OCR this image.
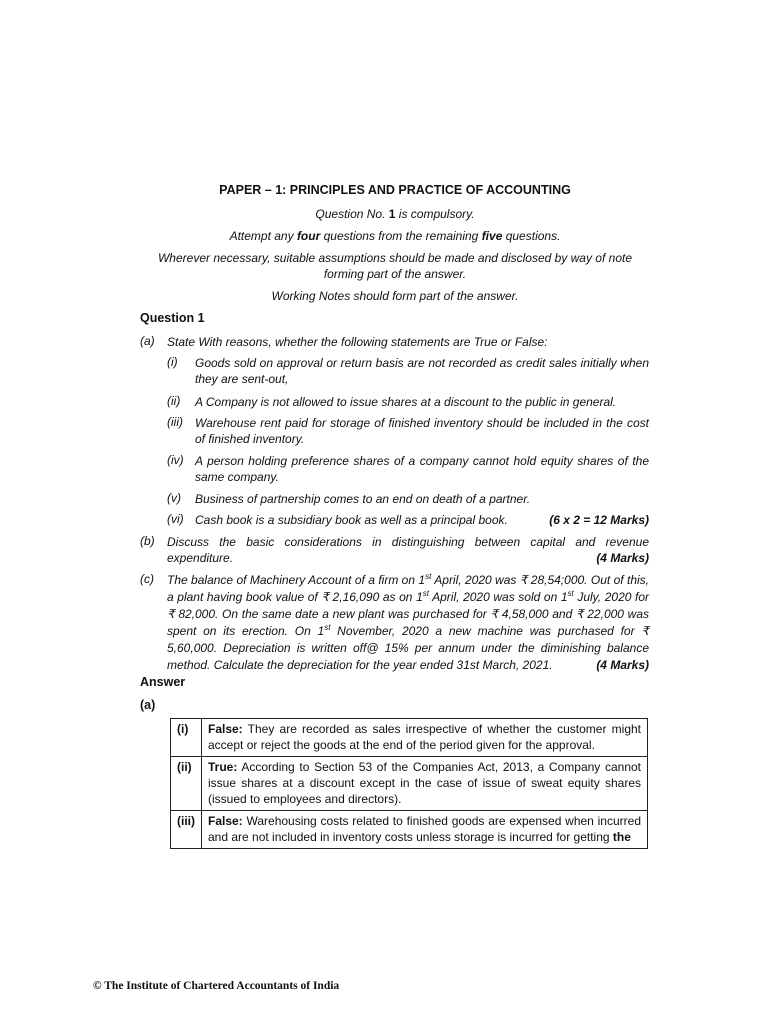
PAPER – 1: PRINCIPLES AND PRACTICE OF ACCOUNTING
Question No. 1 is compulsory.
Attempt any four questions from the remaining five questions.
Wherever necessary, suitable assumptions should be made and disclosed by way of note
forming part of the answer.
Working Notes should form part of the answer.
Question 1
(a) State With reasons, whether the following statements are True or False:
(i) Goods sold on approval or return basis are not recorded as credit sales initially when they are sent-out,
(ii) A Company is not allowed to issue shares at a discount to the public in general.
(iii) Warehouse rent paid for storage of finished inventory should be included in the cost of finished inventory.
(iv) A person holding preference shares of a company cannot hold equity shares of the same company.
(v) Business of partnership comes to an end on death of a partner.
(vi) Cash book is a subsidiary book as well as a principal book.	(6 x 2 = 12 Marks)
(b) Discuss the basic considerations in distinguishing between capital and revenue expenditure.	(4 Marks)
(c) The balance of Machinery Account of a firm on 1st April, 2020 was ₹ 28,54;000. Out of this, a plant having book value of ₹ 2,16,090 as on 1st April, 2020 was sold on 1st July, 2020 for ₹ 82,000. On the same date a new plant was purchased for ₹ 4,58,000 and ₹ 22,000 was spent on its erection. On 1st November, 2020 a new machine was purchased for ₹ 5,60,000. Depreciation is written off@ 15% per annum under the diminishing balance method. Calculate the depreciation for the year ended 31st March, 2021.	(4 Marks)
Answer
(a)
(i)	False: They are recorded as sales irrespective of whether the customer might accept or reject the goods at the end of the period given for the approval.
(ii)	True: According to Section 53 of the Companies Act, 2013, a Company cannot issue shares at a discount except in the case of issue of sweat equity shares (issued to employees and directors).
(iii)	False: Warehousing costs related to finished goods are expensed when incurred and are not included in inventory costs unless storage is incurred for getting the
© The Institute of Chartered Accountants of India
